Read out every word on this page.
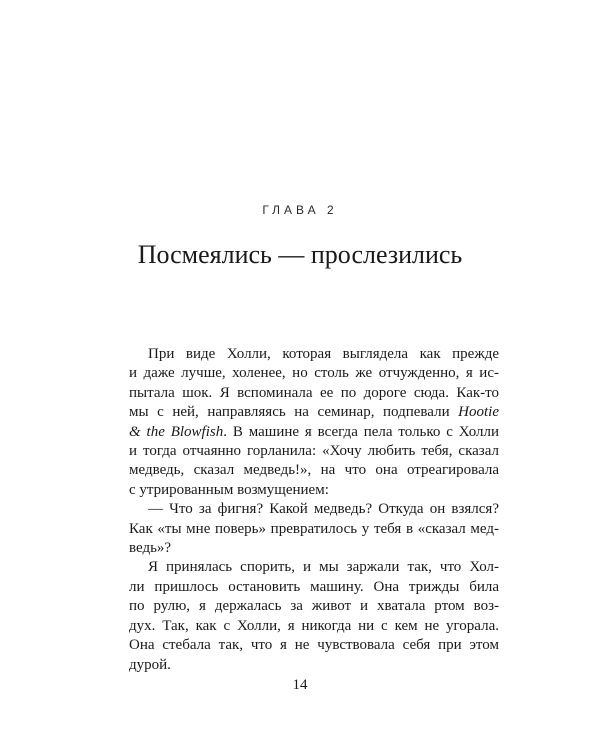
ГЛАВА 2
Посмеялись — прослезились
При виде Холли, которая выглядела как прежде
и даже лучше, холенее, но столь же отчужденно, я ис-
пытала шок. Я вспоминала ее по дороге сюда. Как-то
мы с ней, направляясь на семинар, подпевали Hootie
& the Blowfish. В машине я всегда пела только с Холли
и тогда отчаянно горланила: «Хочу любить тебя, сказал
медведь, сказал медведь!», на что она отреагировала
с утрированным возмущением:
— Что за фигня? Какой медведь? Откуда он взялся?
Как «ты мне поверь» превратилось у тебя в «сказал мед-
ведь»?
Я принялась спорить, и мы заржали так, что Хол-
ли пришлось остановить машину. Она трижды била
по рулю, я держалась за живот и хватала ртом воз-
дух. Так, как с Холли, я никогда ни с кем не угорала.
Она стебала так, что я не чувствовала себя при этом
дурой.
14
